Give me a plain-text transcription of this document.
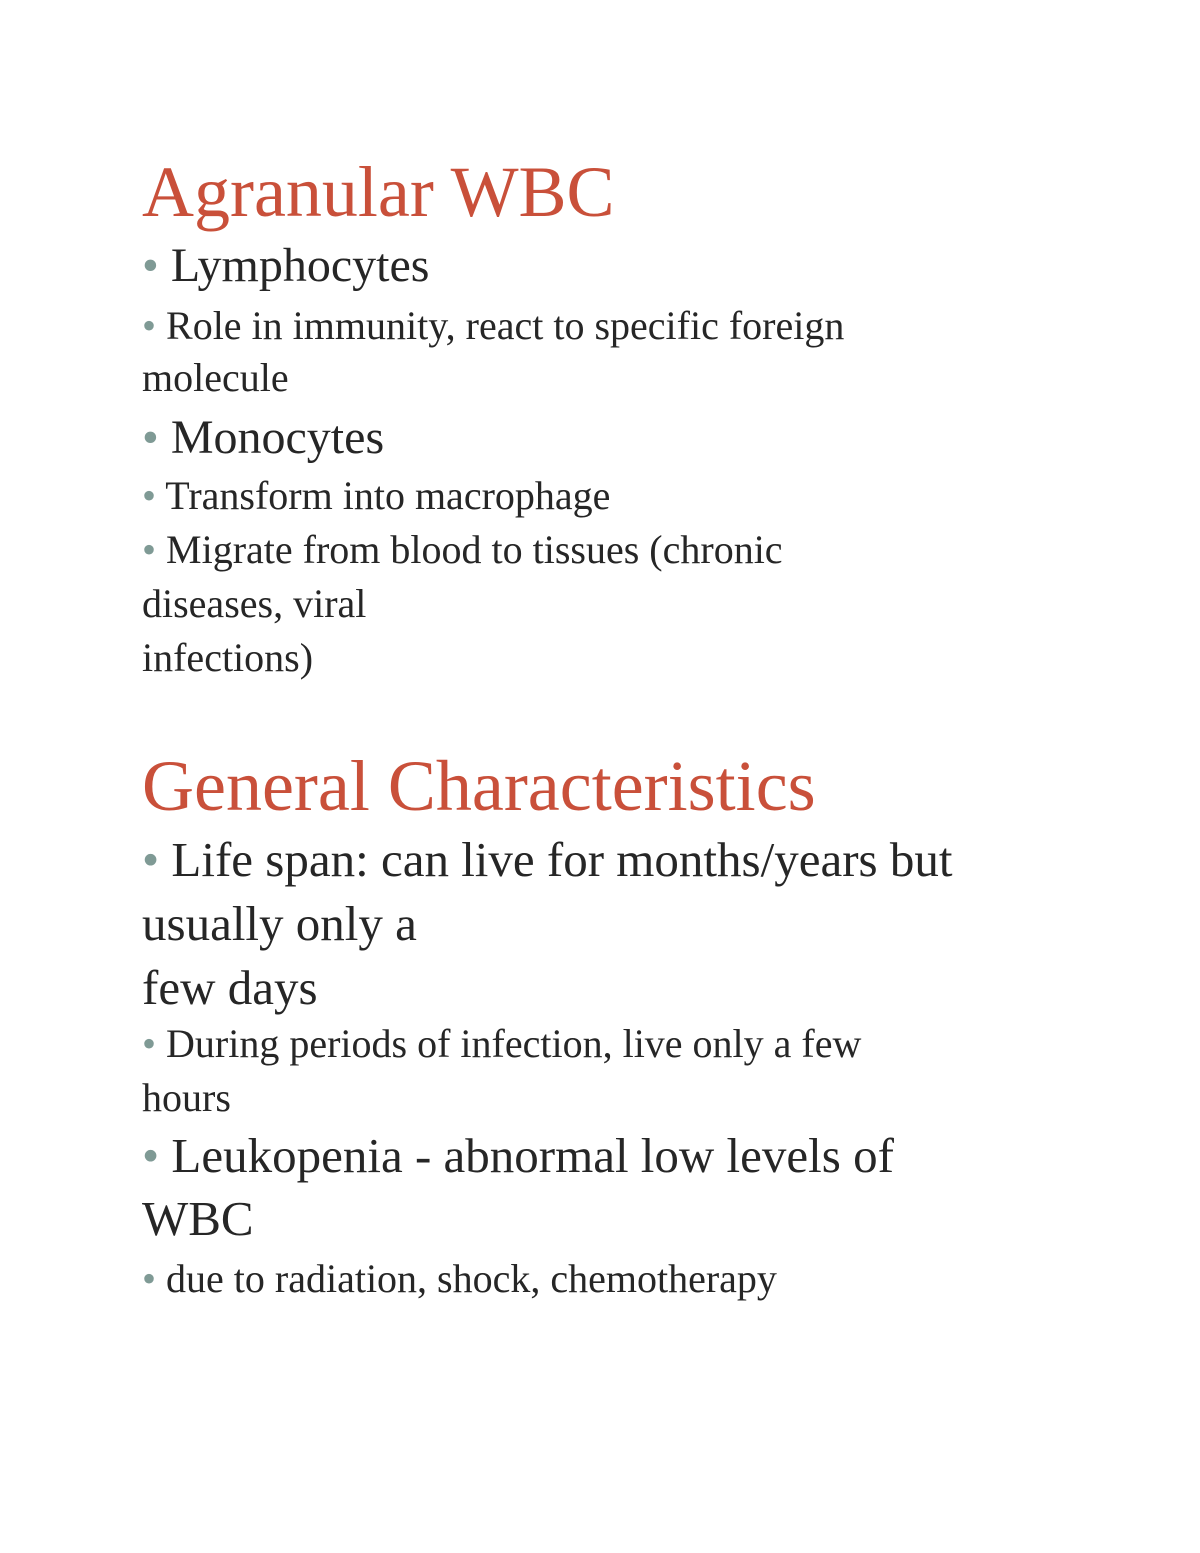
Agranular WBC
• Lymphocytes
• Role in immunity, react to specific foreign
molecule
• Monocytes
• Transform into macrophage
• Migrate from blood to tissues (chronic
diseases, viral
infections)
General Characteristics
• Life span: can live for months/years but
usually only a
few days
• During periods of infection, live only a few
hours
• Leukopenia - abnormal low levels of
WBC
• due to radiation, shock, chemotherapy
